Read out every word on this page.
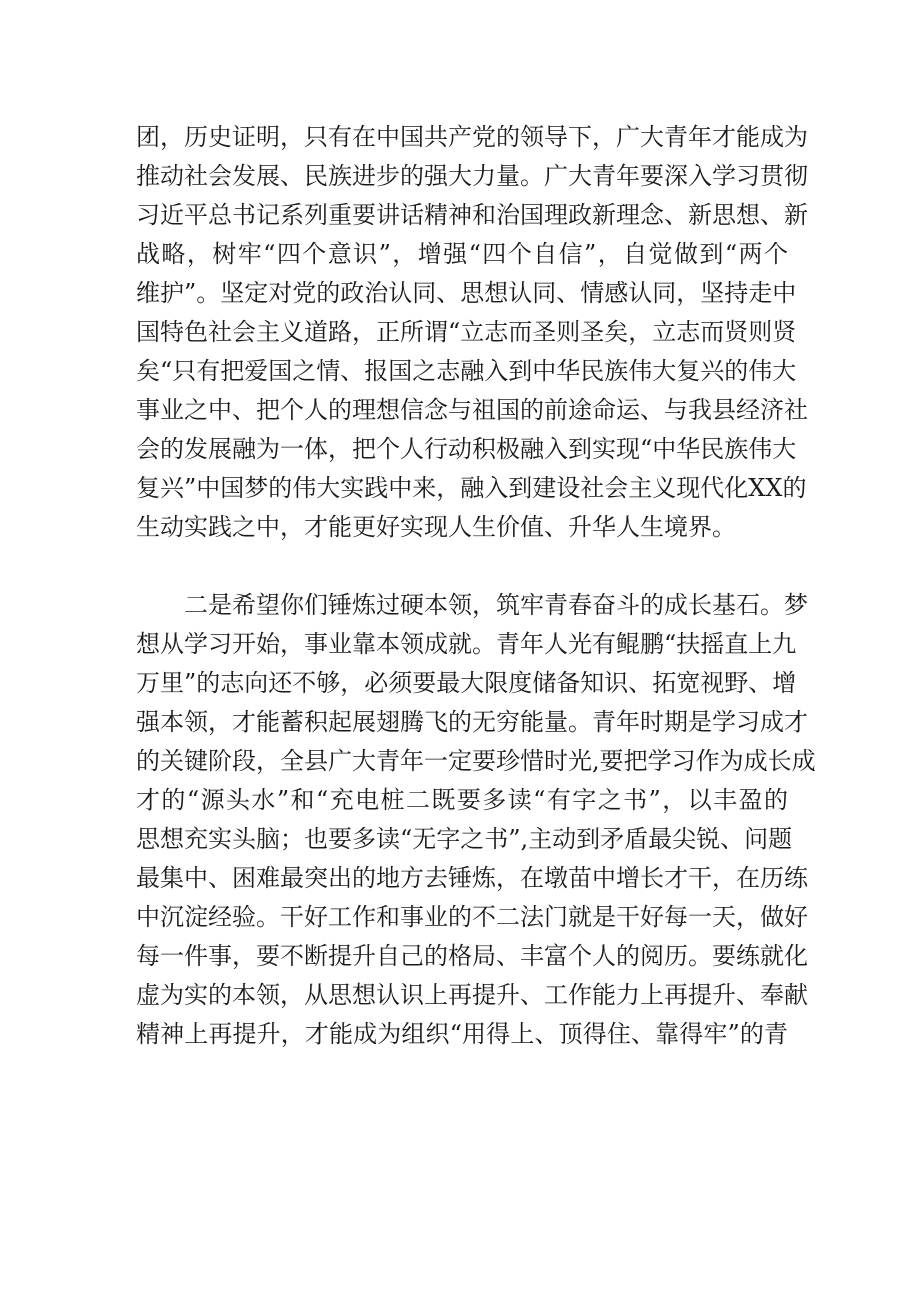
团，历史证明，只有在中国共产党的领导下，广大青年才能成为
推动社会发展、民族进步的强大力量。广大青年要深入学习贯彻
习近平总书记系列重要讲话精神和治国理政新理念、新思想、新
战略，树牢“四个意识”，增强“四个自信”，自觉做到“两个
维护”。坚定对党的政治认同、思想认同、情感认同，坚持走中
国特色社会主义道路，正所谓“立志而圣则圣矣，立志而贤则贤
矣“只有把爱国之情、报国之志融入到中华民族伟大复兴的伟大
事业之中、把个人的理想信念与祖国的前途命运、与我县经济社
会的发展融为一体，把个人行动积极融入到实现“中华民族伟大
复兴”中国梦的伟大实践中来，融入到建设社会主义现代化XX的
生动实践之中，才能更好实现人生价值、升华人生境界。
二是希望你们锤炼过硬本领，筑牢青春奋斗的成长基石。梦
想从学习开始，事业靠本领成就。青年人光有鲲鹏“扶摇直上九
万里”的志向还不够，必须要最大限度储备知识、拓宽视野、增
强本领，才能蓄积起展翅腾飞的无穷能量。青年时期是学习成才
的关键阶段，全县广大青年一定要珍惜时光,要把学习作为成长成
才的“源头水”和“充电桩二既要多读“有字之书”，以丰盈的
思想充实头脑；也要多读“无字之书”,主动到矛盾最尖锐、问题
最集中、困难最突出的地方去锤炼，在墩苗中增长才干，在历练
中沉淀经验。干好工作和事业的不二法门就是干好每一天，做好
每一件事，要不断提升自己的格局、丰富个人的阅历。要练就化
虚为实的本领，从思想认识上再提升、工作能力上再提升、奉献
精神上再提升，才能成为组织“用得上、顶得住、靠得牢”的青
